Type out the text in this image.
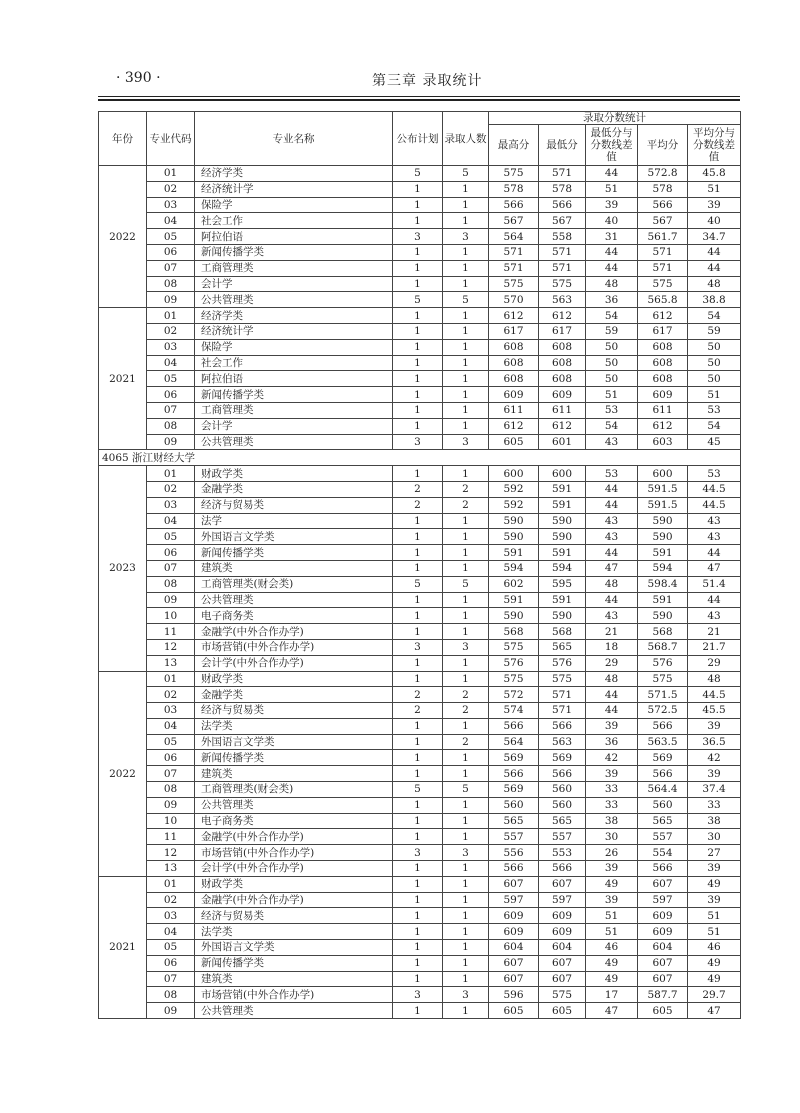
· 390 ·	第三章 录取统计
年份	专业代码	专业名称	公布计划	录取人数	录取分数统计				
					最高分	最低分	最低分与分数线差值	平均分	平均分与分数线差值
2022	01	经济学类	5	5	575	571	44	572.8	45.8
	02	经济统计学	1	1	578	578	51	578	51
	03	保险学	1	1	566	566	39	566	39
	04	社会工作	1	1	567	567	40	567	40
	05	阿拉伯语	3	3	564	558	31	561.7	34.7
	06	新闻传播学类	1	1	571	571	44	571	44
	07	工商管理类	1	1	571	571	44	571	44
	08	会计学	1	1	575	575	48	575	48
	09	公共管理类	5	5	570	563	36	565.8	38.8
2021	01	经济学类	1	1	612	612	54	612	54
	02	经济统计学	1	1	617	617	59	617	59
	03	保险学	1	1	608	608	50	608	50
	04	社会工作	1	1	608	608	50	608	50
	05	阿拉伯语	1	1	608	608	50	608	50
	06	新闻传播学类	1	1	609	609	51	609	51
	07	工商管理类	1	1	611	611	53	611	53
	08	会计学	1	1	612	612	54	612	54
	09	公共管理类	3	3	605	601	43	603	45
4065 浙江财经大学									
2023	01	财政学类	1	1	600	600	53	600	53
	02	金融学类	2	2	592	591	44	591.5	44.5
	03	经济与贸易类	2	2	592	591	44	591.5	44.5
	04	法学	1	1	590	590	43	590	43
	05	外国语言文学类	1	1	590	590	43	590	43
	06	新闻传播学类	1	1	591	591	44	591	44
	07	建筑类	1	1	594	594	47	594	47
	08	工商管理类(财会类)	5	5	602	595	48	598.4	51.4
	09	公共管理类	1	1	591	591	44	591	44
	10	电子商务类	1	1	590	590	43	590	43
	11	金融学(中外合作办学)	1	1	568	568	21	568	21
	12	市场营销(中外合作办学)	3	3	575	565	18	568.7	21.7
	13	会计学(中外合作办学)	1	1	576	576	29	576	29
2022	01	财政学类	1	1	575	575	48	575	48
	02	金融学类	2	2	572	571	44	571.5	44.5
	03	经济与贸易类	2	2	574	571	44	572.5	45.5
	04	法学类	1	1	566	566	39	566	39
	05	外国语言文学类	1	2	564	563	36	563.5	36.5
	06	新闻传播学类	1	1	569	569	42	569	42
	07	建筑类	1	1	566	566	39	566	39
	08	工商管理类(财会类)	5	5	569	560	33	564.4	37.4
	09	公共管理类	1	1	560	560	33	560	33
	10	电子商务类	1	1	565	565	38	565	38
	11	金融学(中外合作办学)	1	1	557	557	30	557	30
	12	市场营销(中外合作办学)	3	3	556	553	26	554	27
	13	会计学(中外合作办学)	1	1	566	566	39	566	39
2021	01	财政学类	1	1	607	607	49	607	49
	02	金融学(中外合作办学)	1	1	597	597	39	597	39
	03	经济与贸易类	1	1	609	609	51	609	51
	04	法学类	1	1	609	609	51	609	51
	05	外国语言文学类	1	1	604	604	46	604	46
	06	新闻传播学类	1	1	607	607	49	607	49
	07	建筑类	1	1	607	607	49	607	49
	08	市场营销(中外合作办学)	3	3	596	575	17	587.7	29.7
	09	公共管理类	1	1	605	605	47	605	47
